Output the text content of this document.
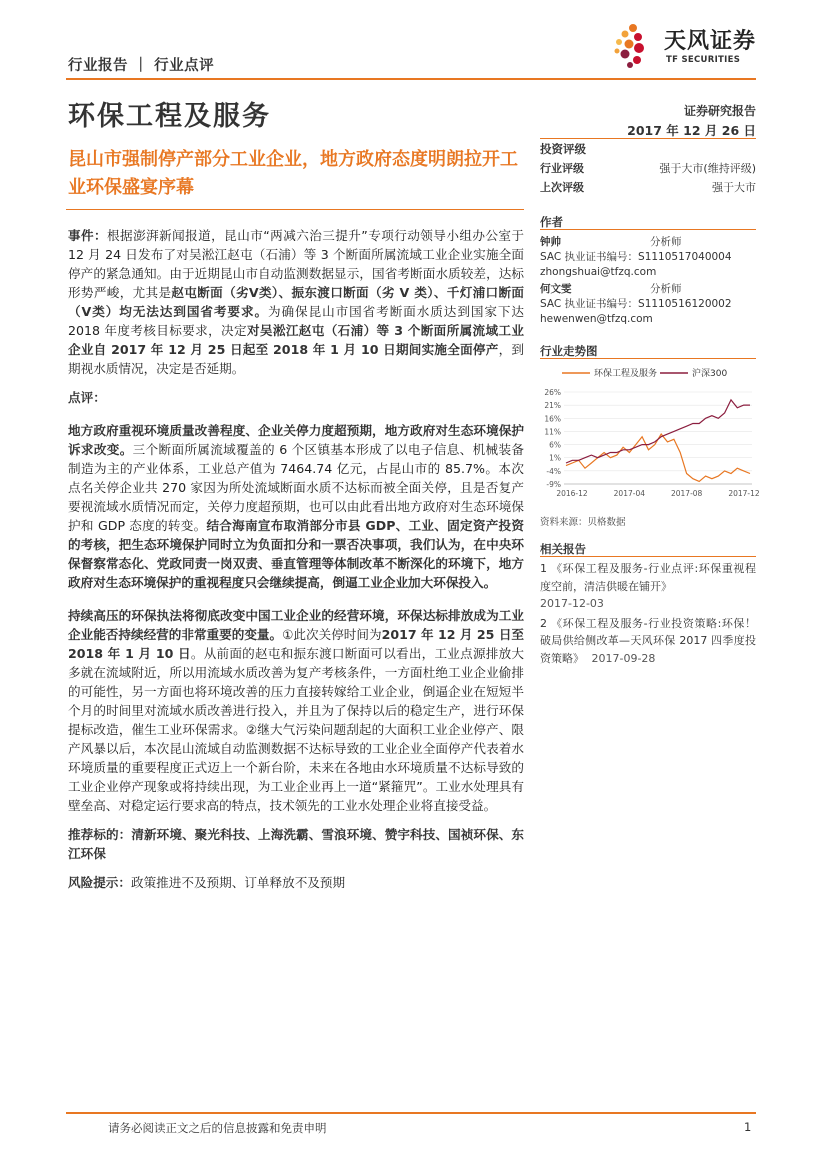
行业报告 ｜ 行业点评
天风证券
TF SECURITIES
环保工程及服务
昆山市强制停产部分工业企业，地方政府态度明朗拉开工业环保盛宴序幕
证券研究报告
2017 年 12 月 26 日
投资评级
行业评级	强于大市(维持评级)
上次评级	强于大市
作者
钟帅	分析师
SAC 执业证书编号：S1110517040004
zhongshuai@tfzq.com
何文雯	分析师
SAC 执业证书编号：S1110516120002
hewenwen@tfzq.com
行业走势图
环保工程及服务	沪深300
26%
21%
16%
11%
6%
1%
-4%
-9%
2016-12	2017-04	2017-08	2017-12
资料来源：贝格数据
相关报告
1 《环保工程及服务-行业点评:环保重视程度空前，清洁供暖在铺开》
2017-12-03
2 《环保工程及服务-行业投资策略:环保！破局供给侧改革—天风环保 2017 四季度投资策略》 2017-09-28

事件：根据澎湃新闻报道，昆山市“两减六治三提升”专项行动领导小组办公室于 12 月 24 日发布了对吴淞江赵屯（石浦）等 3 个断面所属流域工业企业实施全面停产的紧急通知。由于近期昆山市自动监测数据显示，国省考断面水质较差，达标形势严峻，尤其是赵屯断面（劣Ⅴ类）、振东渡口断面（劣 Ⅴ 类）、千灯浦口断面（Ⅴ类）均无法达到国省考要求。为确保昆山市国省考断面水质达到国家下达 2018 年度考核目标要求，决定对吴淞江赵屯（石浦）等 3 个断面所属流域工业企业自 2017 年 12 月 25 日起至 2018 年 1 月 10 日期间实施全面停产，到期视水质情况，决定是否延期。

点评：

地方政府重视环境质量改善程度、企业关停力度超预期，地方政府对生态环境保护诉求改变。三个断面所属流域覆盖的 6 个区镇基本形成了以电子信息、机械装备制造为主的产业体系，工业总产值为 7464.74 亿元，占昆山市的 85.7%。本次点名关停企业共 270 家因为所处流域断面水质不达标而被全面关停，且是否复产要视流域水质情况而定，关停力度超预期，也可以由此看出地方政府对生态环境保护和 GDP 态度的转变。结合海南宣布取消部分市县 GDP、工业、固定资产投资的考核，把生态环境保护同时立为负面扣分和一票否决事项，我们认为，在中央环保督察常态化、党政同责一岗双责、垂直管理等体制改革不断深化的环境下，地方政府对生态环境保护的重视程度只会继续提高，倒逼工业企业加大环保投入。

持续高压的环保执法将彻底改变中国工业企业的经营环境，环保达标排放成为工业企业能否持续经营的非常重要的变量。①此次关停时间为2017 年 12 月 25 日至 2018 年 1 月 10 日。从前面的赵屯和振东渡口断面可以看出，工业点源排放大多就在流域附近，所以用流域水质改善为复产考核条件，一方面杜绝工业企业偷排的可能性，另一方面也将环境改善的压力直接转嫁给工业企业，倒逼企业在短短半个月的时间里对流域水质改善进行投入，并且为了保持以后的稳定生产，进行环保提标改造，催生工业环保需求。②继大气污染问题刮起的大面积工业企业停产、限产风暴以后，本次昆山流域自动监测数据不达标导致的工业企业全面停产代表着水环境质量的重要程度正式迈上一个新台阶，未来在各地由水环境质量不达标导致的工业企业停产现象或将持续出现，为工业企业再上一道“紧箍咒”。工业水处理具有壁垒高、对稳定运行要求高的特点，技术领先的工业水处理企业将直接受益。

推荐标的：清新环境、聚光科技、上海洗霸、雪浪环境、赞宇科技、国祯环保、东江环保

风险提示：政策推进不及预期、订单释放不及预期

请务必阅读正文之后的信息披露和免责申明	1
